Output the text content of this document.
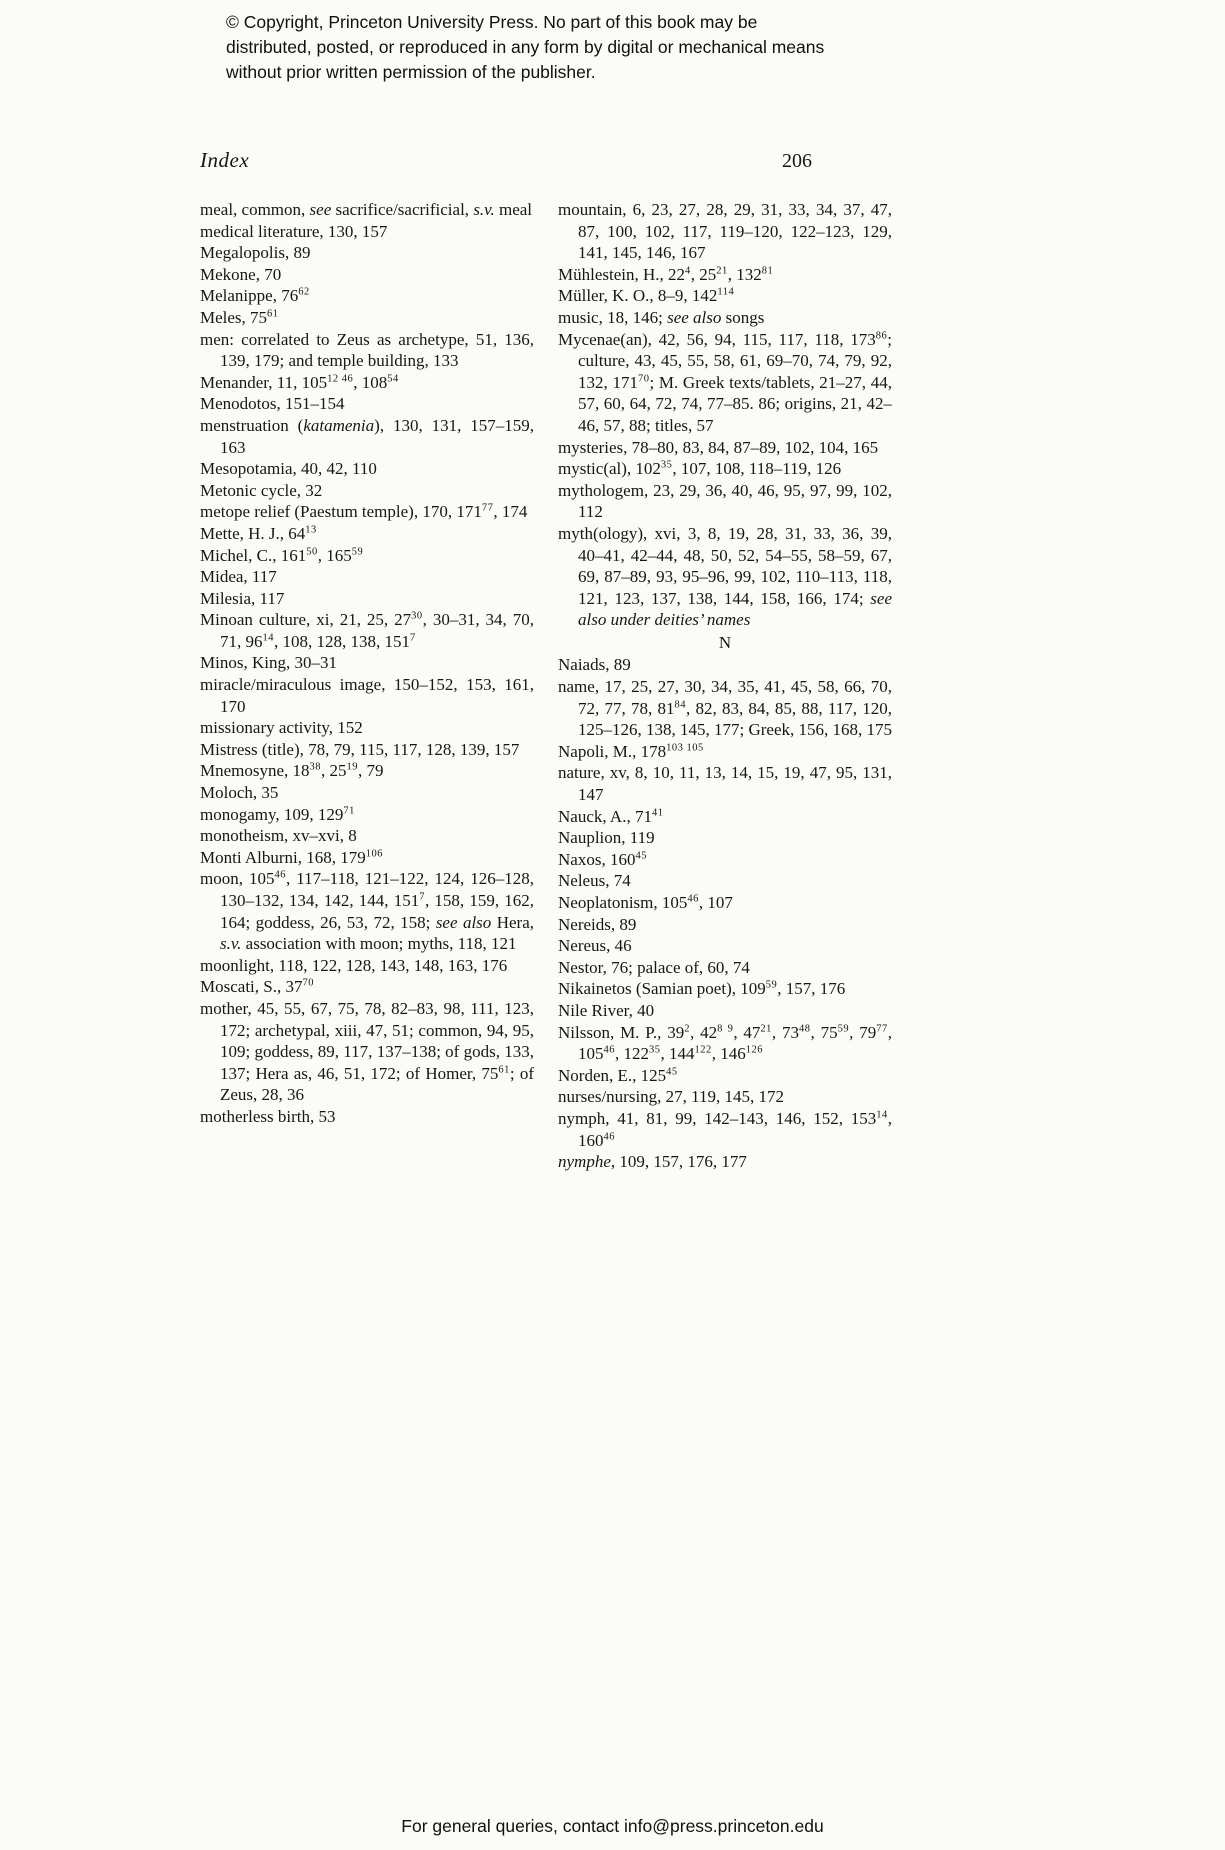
© Copyright, Princeton University Press. No part of this book may be distributed, posted, or reproduced in any form by digital or mechanical means without prior written permission of the publisher.
Index	206
meal, common, see sacrifice/sacrificial, s.v. meal
medical literature, 130, 157
Megalopolis, 89
Mekone, 70
Melanippe, $76^{62}$
Meles, $75^{61}$
men: correlated to Zeus as archetype, 51, 136, 139, 179; and temple building, 133
Menander, 11, $105^{12 46}$, $108^{54}$
Menodotos, 151–154
menstruation (katamenia), 130, 131, 157–159, 163
Mesopotamia, 40, 42, 110
Metonic cycle, 32
metope relief (Paestum temple), 170, $171^{77}$, 174
Mette, H. J., $64^{13}$
Michel, C., $161^{50}$, $165^{59}$
Midea, 117
Milesia, 117
Minoan culture, xi, 21, 25, $27^{30}$, 30–31, 34, 70, 71, $96^{14}$, 108, 128, 138, $151^7$
Minos, King, 30–31
miracle/miraculous image, 150–152, 153, 161, 170
missionary activity, 152
Mistress (title), 78, 79, 115, 117, 128, 139, 157
Mnemosyne, $18^{38}$, $25^{19}$, 79
Moloch, 35
monogamy, 109, $129^{71}$
monotheism, xv–xvi, 8
Monti Alburni, 168, $179^{106}$
moon, $105^{46}$, 117–118, 121–122, 124, 126–128, 130–132, 134, 142, 144, $151^7$, 158, 159, 162, 164; goddess, 26, 53, 72, 158; see also Hera, s.v. association with moon; myths, 118, 121
moonlight, 118, 122, 128, 143, 148, 163, 176
Moscati, S., $37^{70}$
mother, 45, 55, 67, 75, 78, 82–83, 98, 111, 123, 172; archetypal, xiii, 47, 51; common, 94, 95, 109; goddess, 89, 117, 137–138; of gods, 133, 137; Hera as, 46, 51, 172; of Homer, $75^{61}$; of Zeus, 28, 36
motherless birth, 53
mountain, 6, 23, 27, 28, 29, 31, 33, 34, 37, 47, 87, 100, 102, 117, 119–120, 122–123, 129, 141, 145, 146, 167
Mühlestein, H., $22^4$, $25^{21}$, $132^{81}$
Müller, K. O., 8–9, $142^{114}$
music, 18, 146; see also songs
Mycenae(an), 42, 56, 94, 115, 117, 118, $173^{86}$; culture, 43, 45, 55, 58, 61, 69–70, 74, 79, 92, 132, $171^{70}$; M. Greek texts/tablets, 21–27, 44, 57, 60, 64, 72, 74, 77–85. 86; origins, 21, 42–46, 57, 88; titles, 57
mysteries, 78–80, 83, 84, 87–89, 102, 104, 165
mystic(al), $102^{35}$, 107, 108, 118–119, 126
mythologem, 23, 29, 36, 40, 46, 95, 97, 99, 102, 112
myth(ology), xvi, 3, 8, 19, 28, 31, 33, 36, 39, 40–41, 42–44, 48, 50, 52, 54–55, 58–59, 67, 69, 87–89, 93, 95–96, 99, 102, 110–113, 118, 121, 123, 137, 138, 144, 158, 166, 174; see also under deities’ names
N
Naiads, 89
name, 17, 25, 27, 30, 34, 35, 41, 45, 58, 66, 70, 72, 77, 78, $81^{84}$, 82, 83, 84, 85, 88, 117, 120, 125–126, 138, 145, 177; Greek, 156, 168, 175
Napoli, M., $178^{103 105}$
nature, xv, 8, 10, 11, 13, 14, 15, 19, 47, 95, 131, 147
Nauck, A., $71^{41}$
Nauplion, 119
Naxos, $160^{45}$
Neleus, 74
Neoplatonism, $105^{46}$, 107
Nereids, 89
Nereus, 46
Nestor, 76; palace of, 60, 74
Nikainetos (Samian poet), $109^{59}$, 157, 176
Nile River, 40
Nilsson, M. P., $39^2$, $42^{8 9}$, $47^{21}$, $73^{48}$, $75^{59}$, $79^{77}$, $105^{46}$, $122^{35}$, $144^{122}$, $146^{126}$
Norden, E., $125^{45}$
nurses/nursing, 27, 119, 145, 172
nymph, 41, 81, 99, 142–143, 146, 152, $153^{14}$, $160^{46}$
nymphe, 109, 157, 176, 177
For general queries, contact info@press.princeton.edu
